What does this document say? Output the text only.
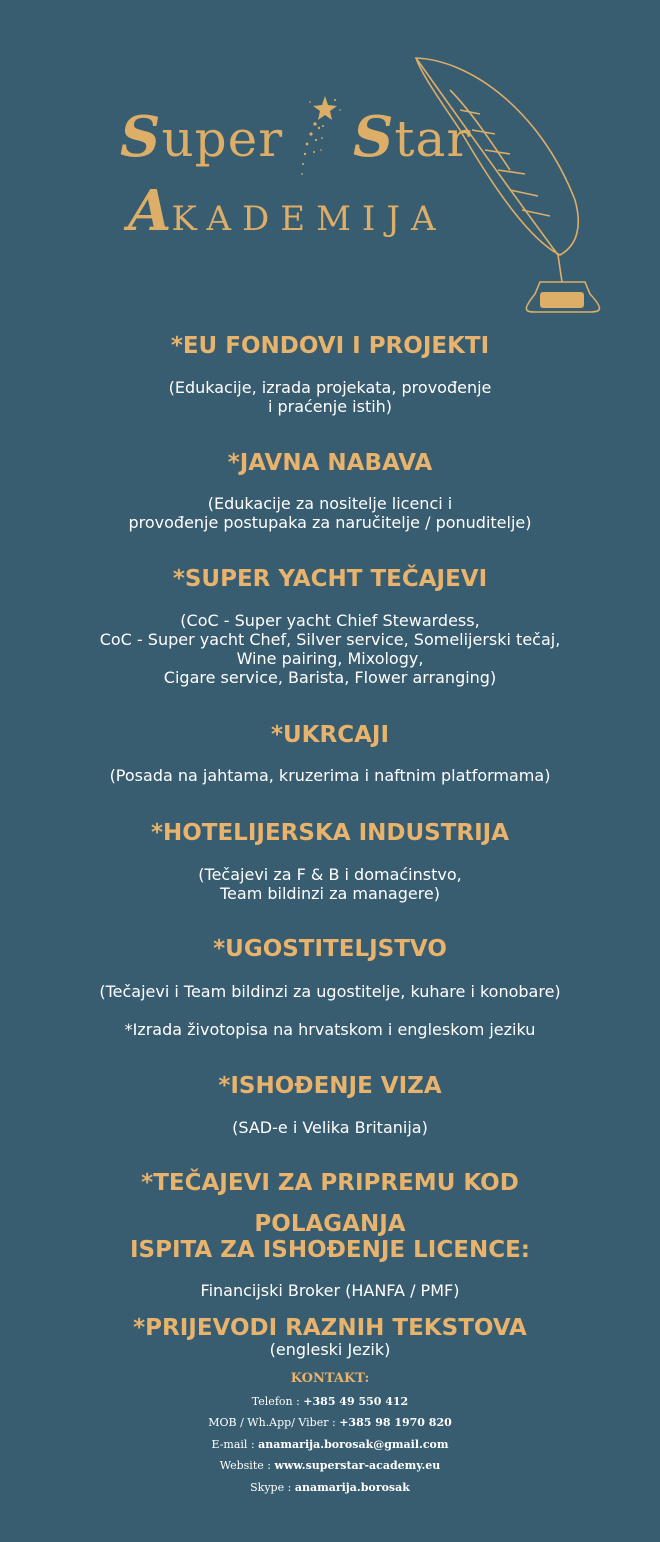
Super Star
AKADEMIJA

*EU FONDOVI I PROJEKTI

(Edukacije, izrada projekata, provođenje

i praćenje istih)

*JAVNA NABAVA

(Edukacije za nositelje licenci i

provođenje postupaka za naručitelje / ponuditelje)

*SUPER YACHT TEČAJEVI

(CoC - Super yacht Chief Stewardess,

CoC - Super yacht Chef, Silver service, Somelijerski tečaj,

Wine pairing, Mixology,

Cigare service, Barista, Flower arranging)

*UKRCAJI

(Posada na jahtama, kruzerima i naftnim platformama)

*HOTELIJERSKA INDUSTRIJA

(Tečajevi za F & B i domaćinstvo,

Team bildinzi za managere)

*UGOSTITELJSTVO

(Tečajevi i Team bildinzi za ugostitelje, kuhare i konobare)

*Izrada životopisa na hrvatskom i engleskom jeziku

*ISHOĐENJE VIZA

(SAD-e i Velika Britanija)

*TEČAJEVI ZA PRIPREMU KOD

POLAGANJA

ISPITA ZA ISHOĐENJE LICENCE:

Financijski Broker (HANFA / PMF)

*PRIJEVODI RAZNIH TEKSTOVA

(engleski Jezik)

KONTAKT:
Telefon : +385 49 550 412
MOB / Wh.App/ Viber : +385 98 1970 820
E-mail : anamarija.borosak@gmail.com
Website : www.superstar-academy.eu
Skype : anamarija.borosak
